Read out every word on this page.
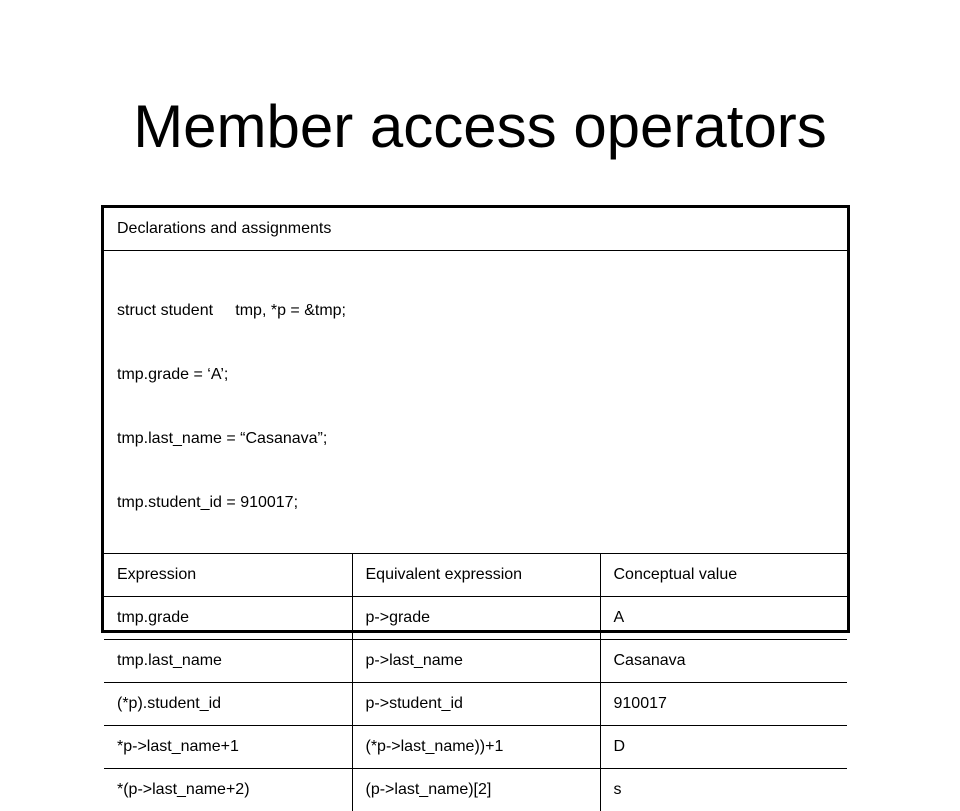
Member access operators
Declarations and assignments		

struct student     tmp, *p = &tmp;

tmp.grade = ‘A’;

tmp.last_name = “Casanava”;

tmp.student_id = 910017;		

Expression	Equivalent expression	Conceptual value
tmp.grade	p->grade	A
tmp.last_name	p->last_name	Casanava
(*p).student_id	p->student_id	910017
*p->last_name+1	(*p->last_name))+1	D
*(p->last_name+2)	(p->last_name)[2]	s
